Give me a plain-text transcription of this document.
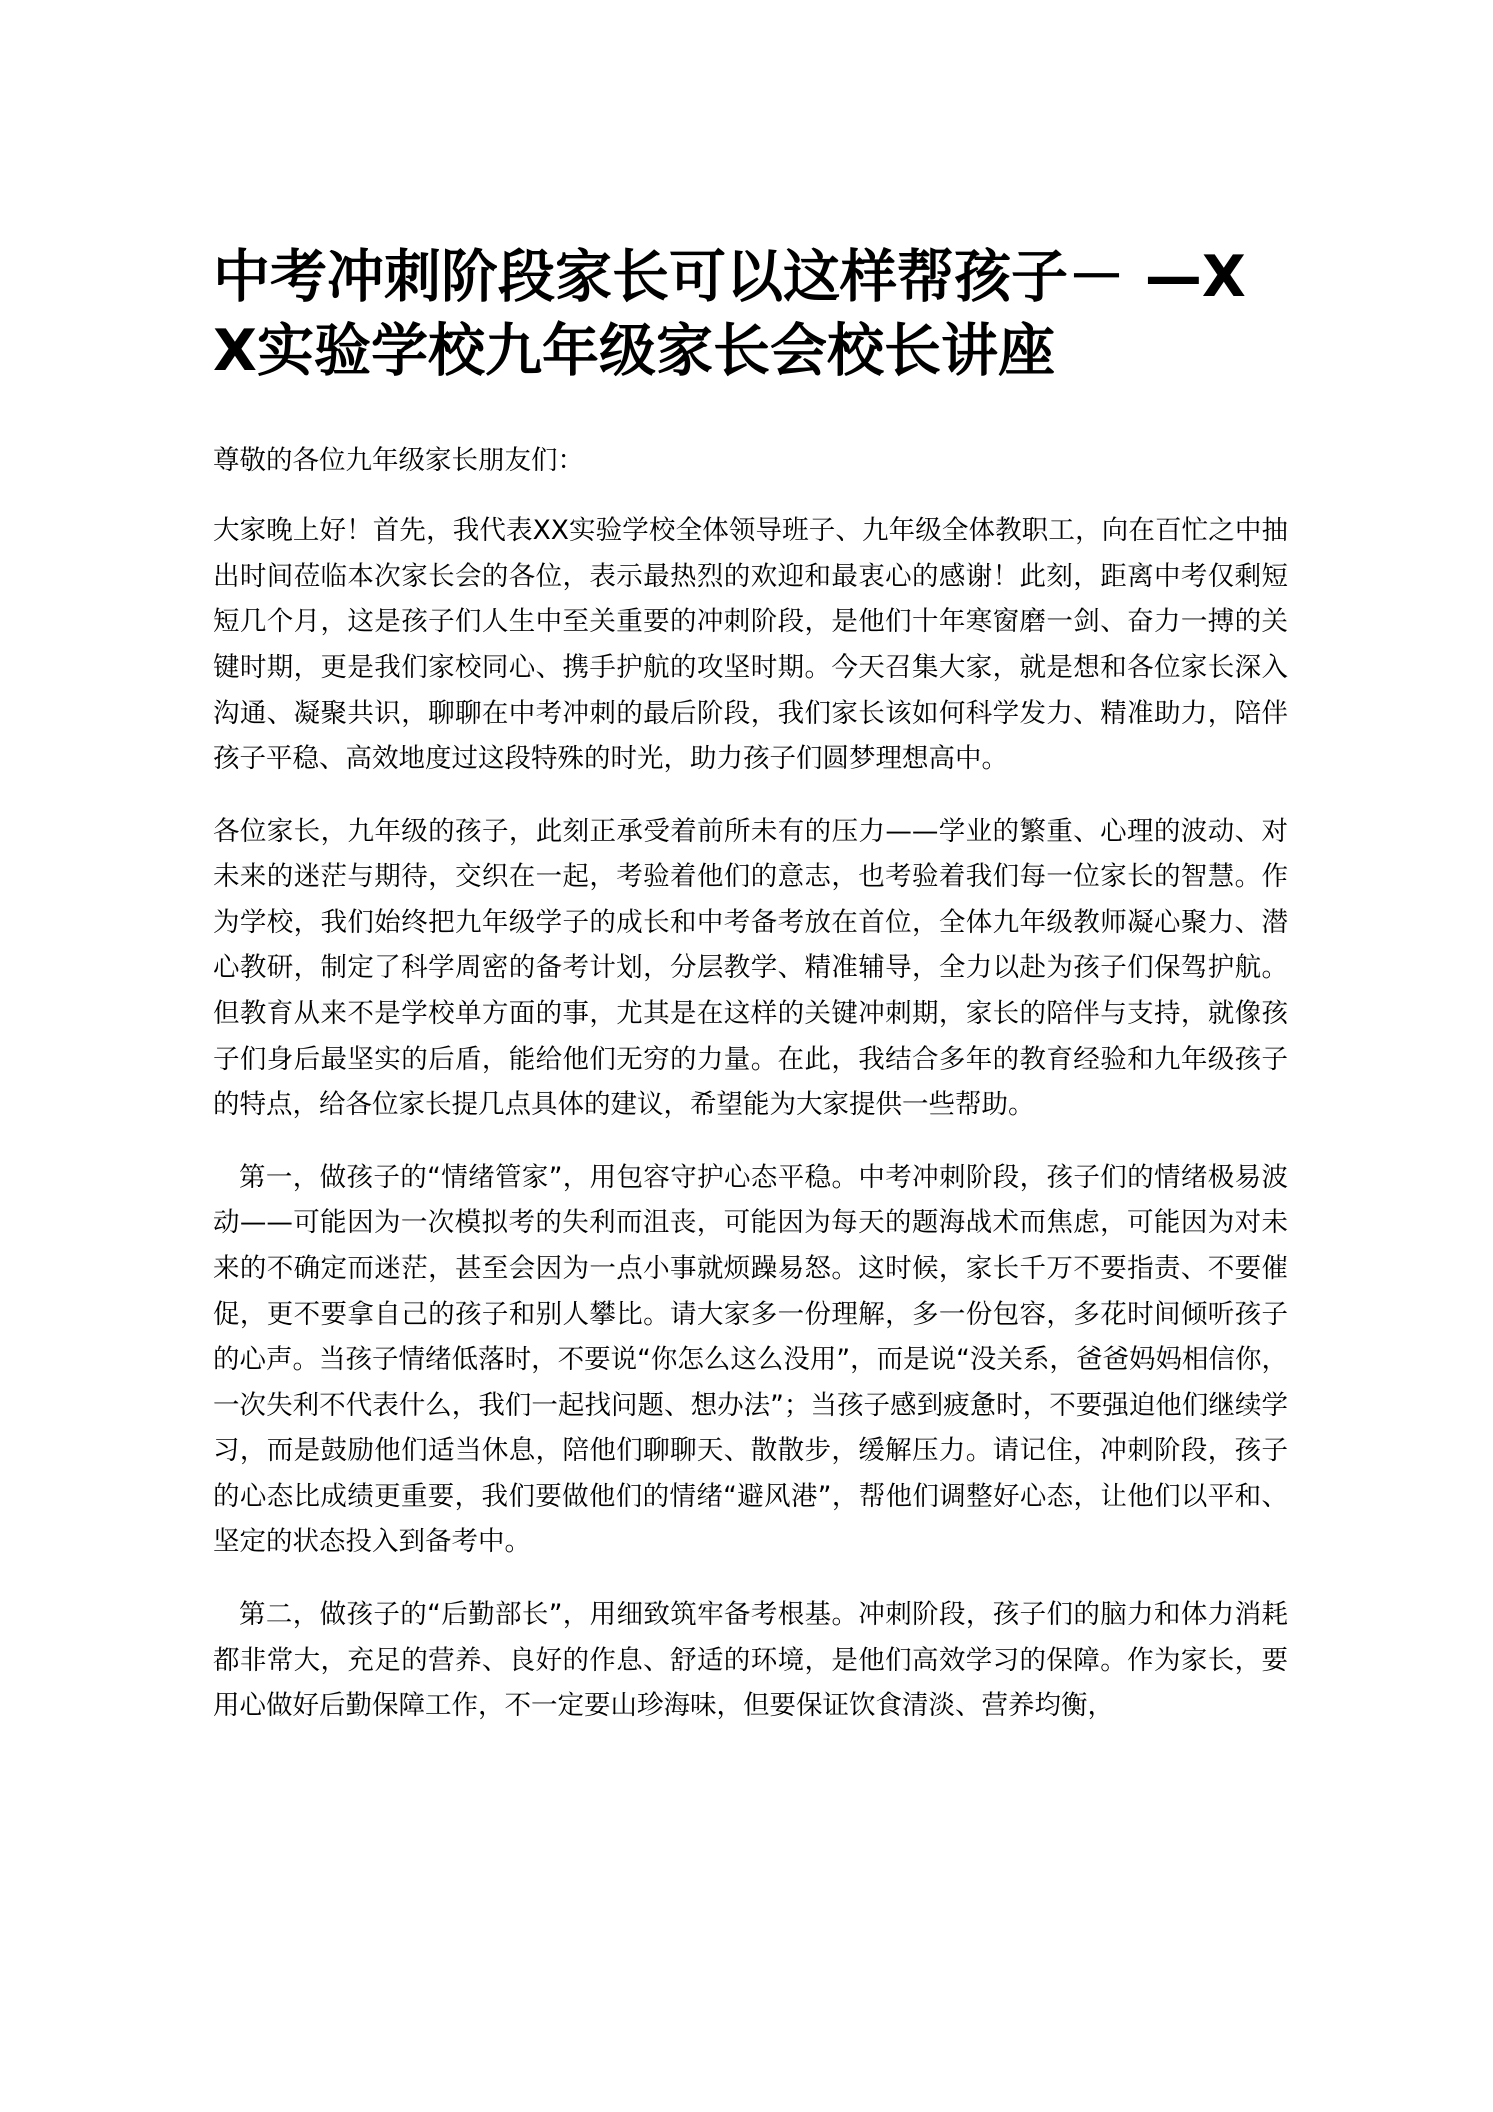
中考冲刺阶段家长可以这样帮孩子－ —XX实验学校九年级家长会校长讲座

尊敬的各位九年级家长朋友们：

大家晚上好！首先，我代表XX实验学校全体领导班子、九年级全体教职工，向在百忙之中抽出时间莅临本次家长会的各位，表示最热烈的欢迎和最衷心的感谢！此刻，距离中考仅剩短短几个月，这是孩子们人生中至关重要的冲刺阶段，是他们十年寒窗磨一剑、奋力一搏的关键时期，更是我们家校同心、携手护航的攻坚时期。今天召集大家，就是想和各位家长深入沟通、凝聚共识，聊聊在中考冲刺的最后阶段，我们家长该如何科学发力、精准助力，陪伴孩子平稳、高效地度过这段特殊的时光，助力孩子们圆梦理想高中。

各位家长，九年级的孩子，此刻正承受着前所未有的压力——学业的繁重、心理的波动、对未来的迷茫与期待，交织在一起，考验着他们的意志，也考验着我们每一位家长的智慧。作为学校，我们始终把九年级学子的成长和中考备考放在首位，全体九年级教师凝心聚力、潜心教研，制定了科学周密的备考计划，分层教学、精准辅导，全力以赴为孩子们保驾护航。但教育从来不是学校单方面的事，尤其是在这样的关键冲刺期，家长的陪伴与支持，就像孩子们身后最坚实的后盾，能给他们无穷的力量。在此，我结合多年的教育经验和九年级孩子的特点，给各位家长提几点具体的建议，希望能为大家提供一些帮助。

第一，做孩子的“情绪管家”，用包容守护心态平稳。中考冲刺阶段，孩子们的情绪极易波动——可能因为一次模拟考的失利而沮丧，可能因为每天的题海战术而焦虑，可能因为对未来的不确定而迷茫，甚至会因为一点小事就烦躁易怒。这时候，家长千万不要指责、不要催促，更不要拿自己的孩子和别人攀比。请大家多一份理解，多一份包容，多花时间倾听孩子的心声。当孩子情绪低落时，不要说“你怎么这么没用”，而是说“没关系，爸爸妈妈相信你，一次失利不代表什么，我们一起找问题、想办法”；当孩子感到疲惫时，不要强迫他们继续学习，而是鼓励他们适当休息，陪他们聊聊天、散散步，缓解压力。请记住，冲刺阶段，孩子的心态比成绩更重要，我们要做他们的情绪“避风港”，帮他们调整好心态，让他们以平和、坚定的状态投入到备考中。

第二，做孩子的“后勤部长”，用细致筑牢备考根基。冲刺阶段，孩子们的脑力和体力消耗都非常大，充足的营养、良好的作息、舒适的环境，是他们高效学习的保障。作为家长，要用心做好后勤保障工作，不一定要山珍海味，但要保证饮食清淡、营养均衡，
